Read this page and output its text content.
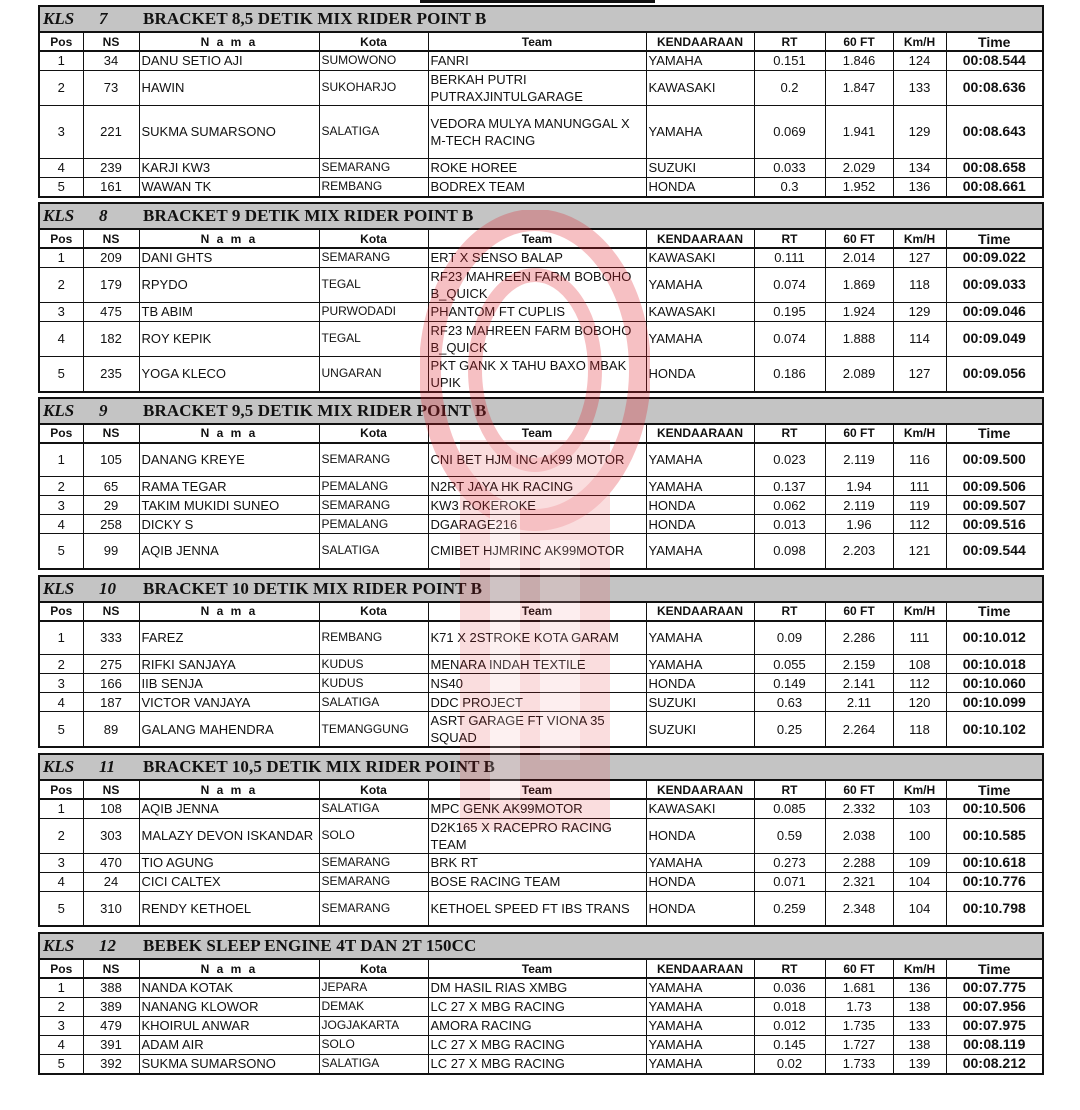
KLS	7	BRACKET 8,5 DETIK MIX RIDER POINT B
Pos	NS	N a m a	Kota	Team	KENDAARAAN	RT	60 FT	Km/H	Time
1	34	DANU SETIO AJI	SUMOWONO	FANRI	YAMAHA	0.151	1.846	124	00:08.544
2	73	HAWIN	SUKOHARJO	BERKAH PUTRI PUTRAXJINTULGARAGE	KAWASAKI	0.2	1.847	133	00:08.636
3	221	SUKMA SUMARSONO	SALATIGA	VEDORA MULYA MANUNGGAL X M-TECH RACING	YAMAHA	0.069	1.941	129	00:08.643
4	239	KARJI KW3	SEMARANG	ROKE HOREE	SUZUKI	0.033	2.029	134	00:08.658
5	161	WAWAN TK	REMBANG	BODREX TEAM	HONDA	0.3	1.952	136	00:08.661
KLS	8	BRACKET 9 DETIK MIX RIDER POINT B
Pos	NS	N a m a	Kota	Team	KENDAARAAN	RT	60 FT	Km/H	Time
1	209	DANI GHTS	SEMARANG	ERT X SENSO BALAP	KAWASAKI	0.111	2.014	127	00:09.022
2	179	RPYDO	TEGAL	RF23 MAHREEN FARM BOBOHO B_QUICK	YAMAHA	0.074	1.869	118	00:09.033
3	475	TB ABIM	PURWODADI	PHANTOM FT CUPLIS	KAWASAKI	0.195	1.924	129	00:09.046
4	182	ROY KEPIK	TEGAL	RF23 MAHREEN FARM BOBOHO B_QUICK	YAMAHA	0.074	1.888	114	00:09.049
5	235	YOGA KLECO	UNGARAN	PKT GANK X TAHU BAXO MBAK UPIK	HONDA	0.186	2.089	127	00:09.056
KLS	9	BRACKET 9,5 DETIK MIX RIDER POINT B
Pos	NS	N a m a	Kota	Team	KENDAARAAN	RT	60 FT	Km/H	Time
1	105	DANANG KREYE	SEMARANG	CNI BET HJM INC AK99 MOTOR	YAMAHA	0.023	2.119	116	00:09.500
2	65	RAMA TEGAR	PEMALANG	N2RT JAYA HK RACING	YAMAHA	0.137	1.94	111	00:09.506
3	29	TAKIM MUKIDI SUNEO	SEMARANG	KW3 ROKEROKE	HONDA	0.062	2.119	119	00:09.507
4	258	DICKY S	PEMALANG	DGARAGE216	HONDA	0.013	1.96	112	00:09.516
5	99	AQIB JENNA	SALATIGA	CMIBET HJMRINC AK99MOTOR	YAMAHA	0.098	2.203	121	00:09.544
KLS	10	BRACKET 10 DETIK MIX RIDER POINT B
Pos	NS	N a m a	Kota	Team	KENDAARAAN	RT	60 FT	Km/H	Time
1	333	FAREZ	REMBANG	K71 X 2STROKE KOTA GARAM	YAMAHA	0.09	2.286	111	00:10.012
2	275	RIFKI SANJAYA	KUDUS	MENARA INDAH TEXTILE	YAMAHA	0.055	2.159	108	00:10.018
3	166	IIB SENJA	KUDUS	NS40	HONDA	0.149	2.141	112	00:10.060
4	187	VICTOR VANJAYA	SALATIGA	DDC PROJECT	SUZUKI	0.63	2.11	120	00:10.099
5	89	GALANG MAHENDRA	TEMANGGUNG	ASRT GARAGE FT VIONA 35 SQUAD	SUZUKI	0.25	2.264	118	00:10.102
KLS	11	BRACKET 10,5 DETIK MIX RIDER POINT B
Pos	NS	N a m a	Kota	Team	KENDAARAAN	RT	60 FT	Km/H	Time
1	108	AQIB JENNA	SALATIGA	MPC GENK AK99MOTOR	KAWASAKI	0.085	2.332	103	00:10.506
2	303	MALAZY DEVON ISKANDAR	SOLO	D2K165 X RACEPRO RACING TEAM	HONDA	0.59	2.038	100	00:10.585
3	470	TIO AGUNG	SEMARANG	BRK RT	YAMAHA	0.273	2.288	109	00:10.618
4	24	CICI CALTEX	SEMARANG	BOSE RACING TEAM	HONDA	0.071	2.321	104	00:10.776
5	310	RENDY KETHOEL	SEMARANG	KETHOEL SPEED FT IBS TRANS	HONDA	0.259	2.348	104	00:10.798
KLS	12	BEBEK SLEEP ENGINE 4T DAN 2T 150CC
Pos	NS	N a m a	Kota	Team	KENDAARAAN	RT	60 FT	Km/H	Time
1	388	NANDA KOTAK	JEPARA	DM HASIL RIAS XMBG	YAMAHA	0.036	1.681	136	00:07.775
2	389	NANANG KLOWOR	DEMAK	LC 27 X MBG RACING	YAMAHA	0.018	1.73	138	00:07.956
3	479	KHOIRUL ANWAR	JOGJAKARTA	AMORA RACING	YAMAHA	0.012	1.735	133	00:07.975
4	391	ADAM AIR	SOLO	LC 27 X MBG RACING	YAMAHA	0.145	1.727	138	00:08.119
5	392	SUKMA SUMARSONO	SALATIGA	LC 27 X MBG RACING	YAMAHA	0.02	1.733	139	00:08.212
